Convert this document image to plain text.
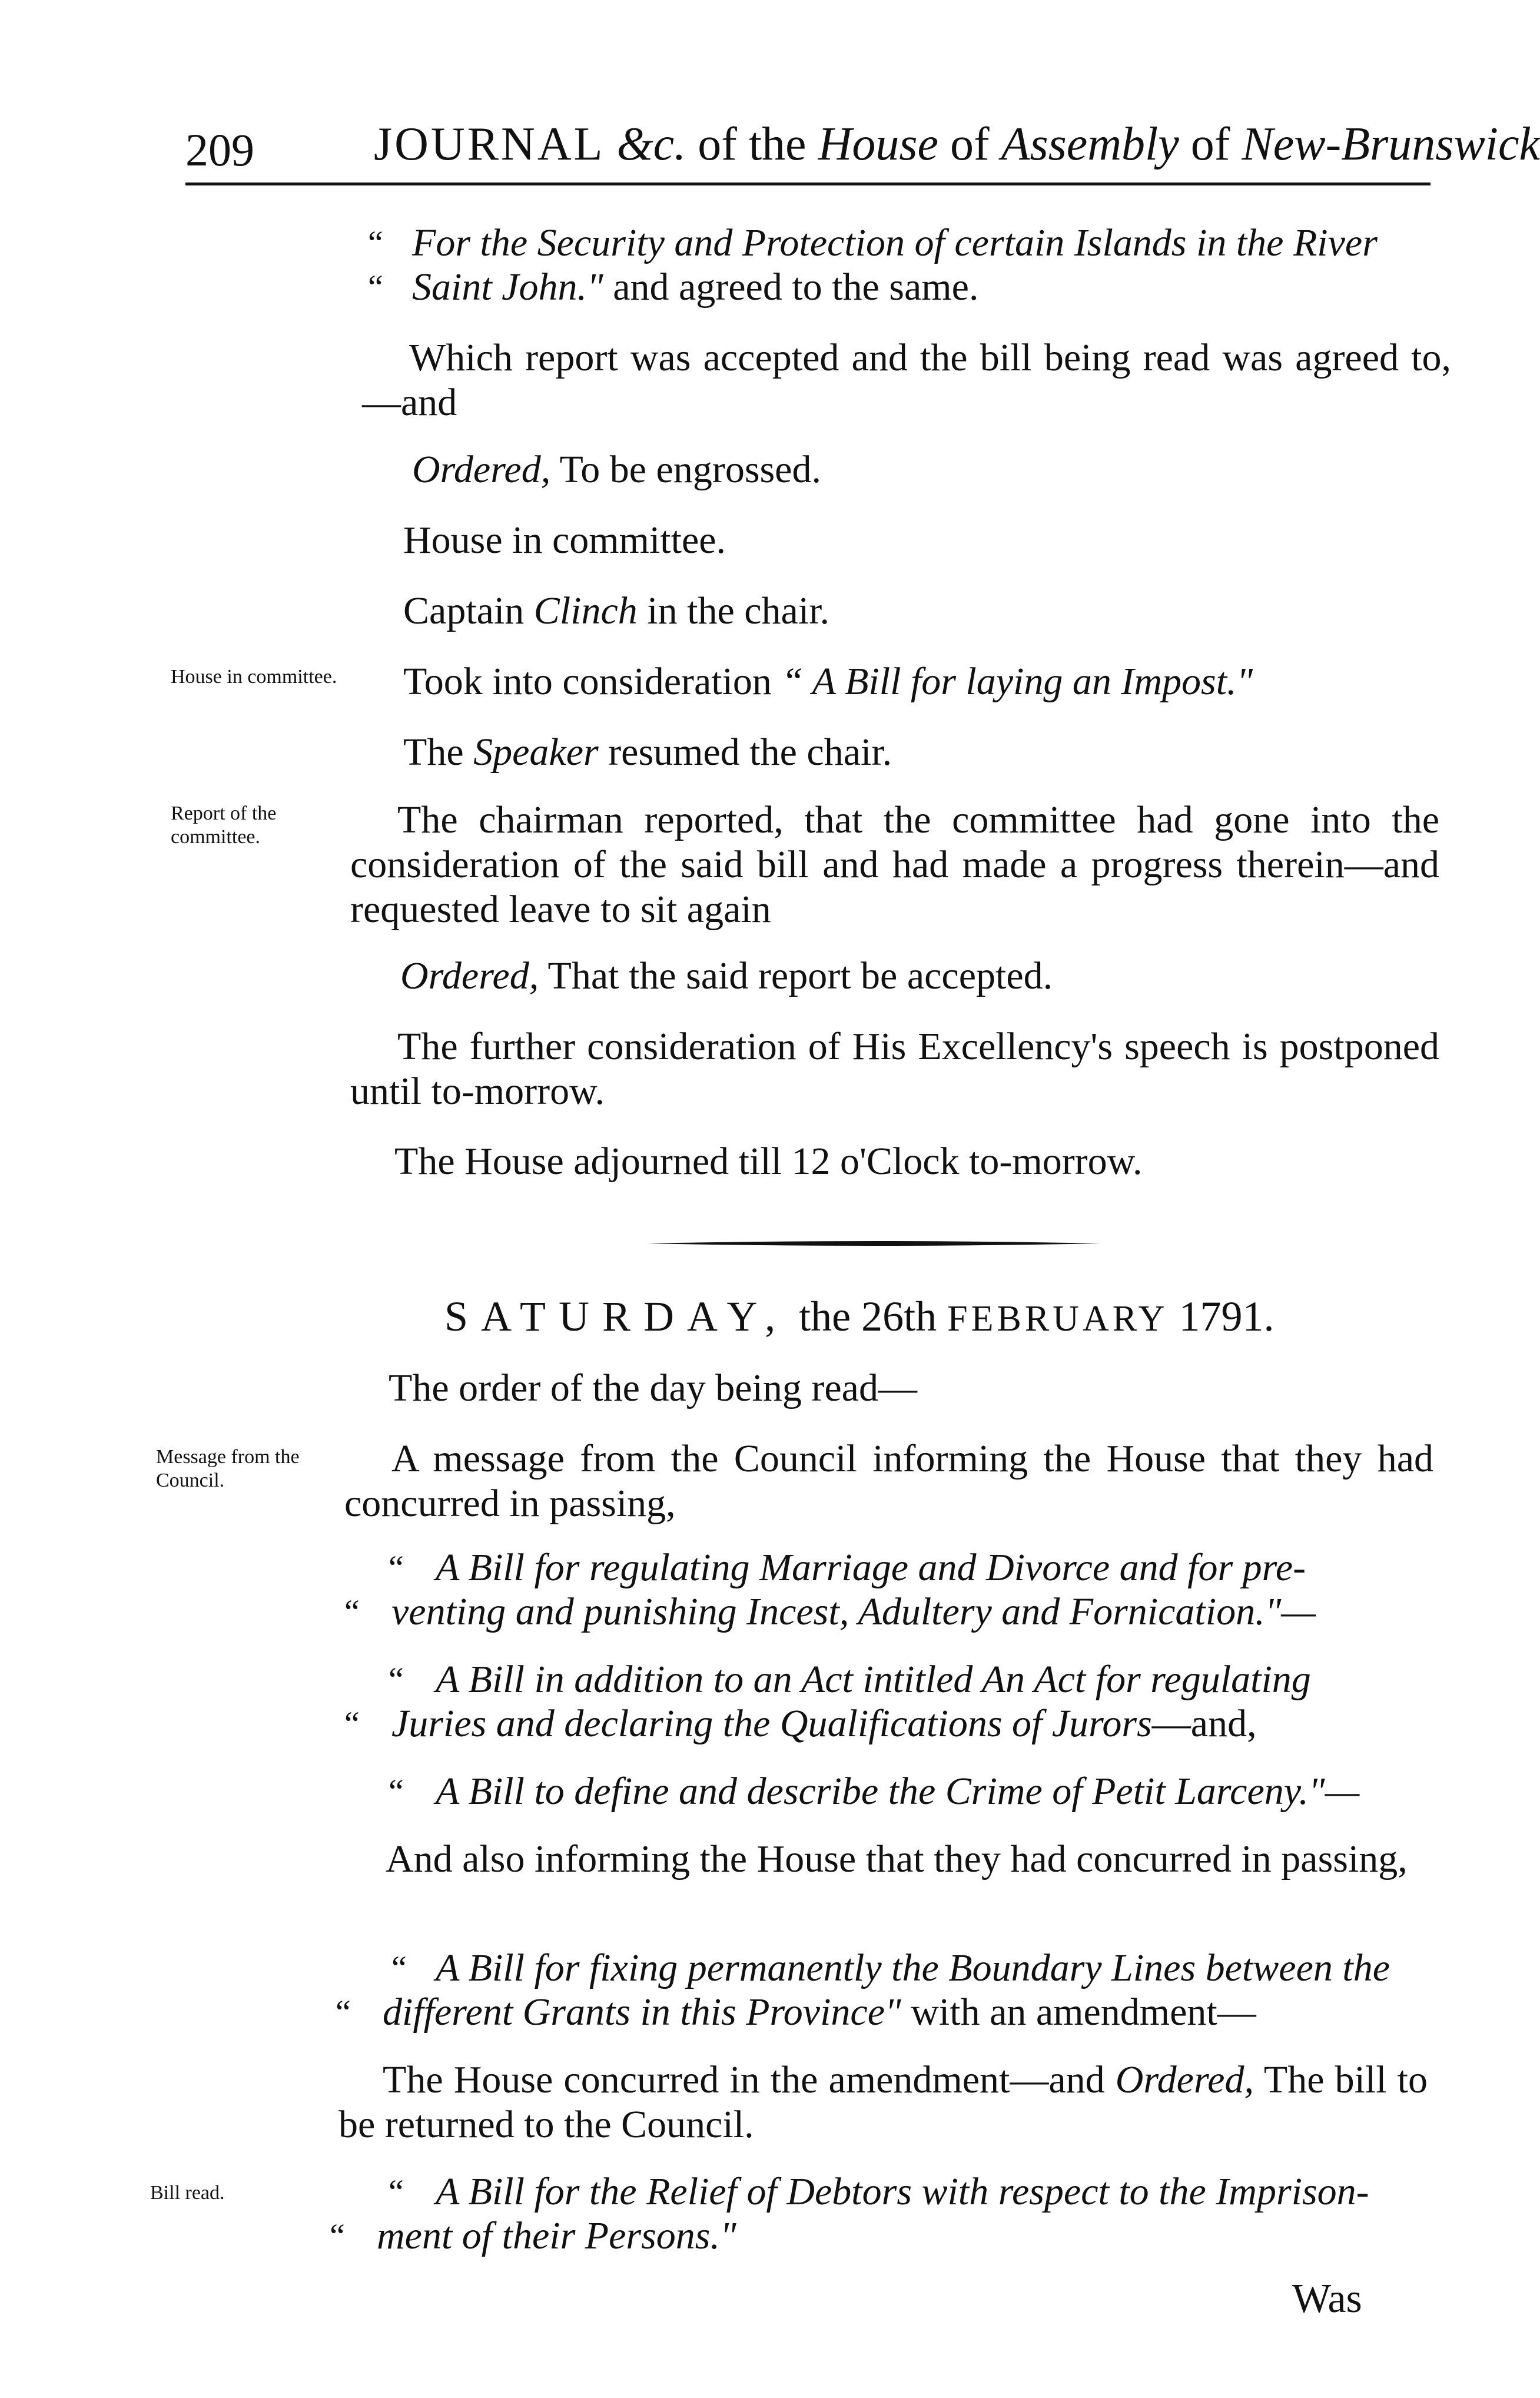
209	JOURNAL &c. of the House of Assembly of New-Brunswick
“ For the Security and Protection of certain Islands in the River
“ Saint John." and agreed to the same.
Which report was accepted and the bill being read was agreed to,—and
Ordered, To be engrossed.
House in committee.
Captain Clinch in the chair.
House in committee. Took into consideration “ A Bill for laying an Impost."
The Speaker resumed the chair.
Report of the committee.	The chairman reported, that the committee had gone into the consideration of the said bill and had made a progress therein—and requested leave to sit again
Ordered, That the said report be accepted.
The further consideration of His Excellency's speech is postponed until to-morrow.
The House adjourned till 12 o'Clock to-morrow.
SATURDAY, the 26th FEBRUARY 1791.
The order of the day being read—
Message from the Council.
A message from the Council informing the House that they had concurred in passing,
“ A Bill for regulating Marriage and Divorce and for pre-
“ venting and punishing Incest, Adultery and Fornication."—
“ A Bill in addition to an Act intitled An Act for regulating
“ Juries and declaring the Qualifications of Jurors—and,
“ A Bill to define and describe the Crime of Petit Larceny."—
And also informing the House that they had concurred in passing,
“ A Bill for fixing permanently the Boundary Lines between the
“ different Grants in this Province" with an amendment—
The House concurred in the amendment—and Ordered, The bill to be returned to the Council.
Bill read.	“ A Bill for the Relief of Debtors with respect to the Imprison-
“ ment of their Persons."
Was
